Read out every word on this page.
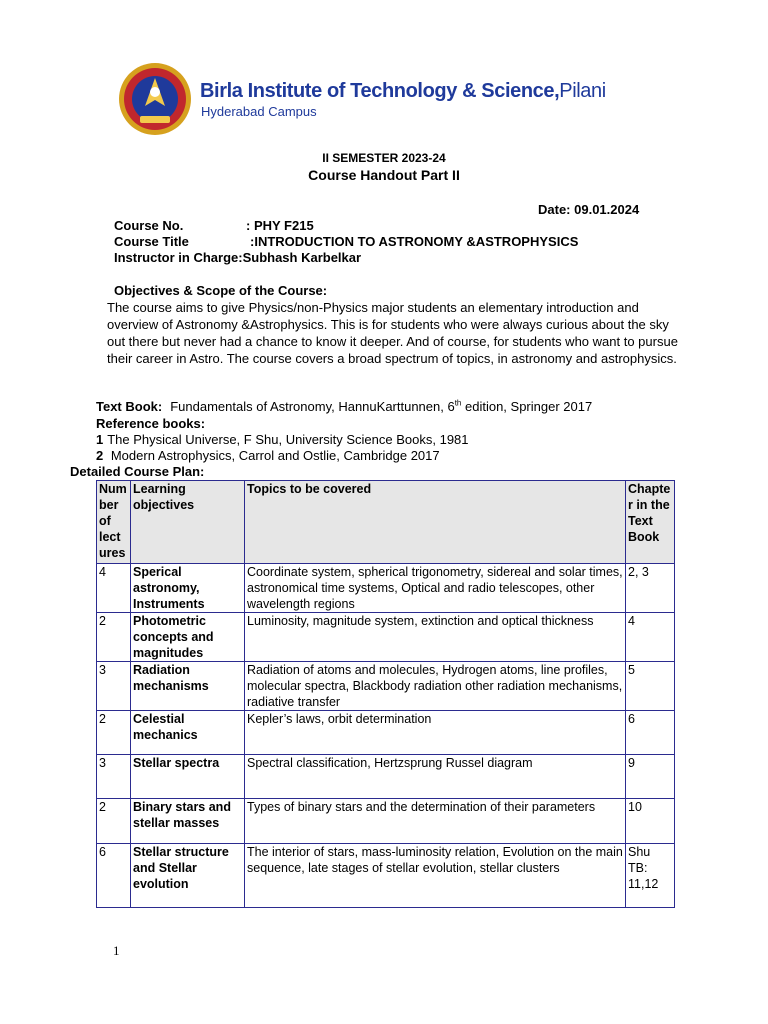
Birla Institute of Technology & Science,Pilani
Hyderabad Campus
II SEMESTER 2023-24
Course Handout Part II
Date: 09.01.2024
Course No.	: PHY F215
Course Title	:INTRODUCTION TO ASTRONOMY &ASTROPHYSICS
Instructor in Charge:Subhash Karbelkar
Objectives & Scope of the Course:
The course aims to give Physics/non-Physics major students an elementary introduction and overview of Astronomy &Astrophysics. This is for students who were always curious about the sky out there but never had a chance to know it deeper. And of course, for students who want to pursue their career in Astro. The course covers a broad spectrum of topics, in astronomy and astrophysics.
Text Book: Fundamentals of Astronomy, HannuKarttunnen, 6th edition, Springer 2017
Reference books:
1 The Physical Universe, F Shu, University Science Books, 1981
2 Modern Astrophysics, Carrol and Ostlie, Cambridge 2017
Detailed Course Plan:
Number of lectures	Learning objectives	Topics to be covered	Chapter in the Text Book
4	Sperical astronomy, Instruments	Coordinate system, spherical trigonometry, sidereal and solar times, astronomical time systems, Optical and radio telescopes, other wavelength regions	2, 3
2	Photometric concepts and magnitudes	Luminosity, magnitude system, extinction and optical thickness	4
3	Radiation mechanisms	Radiation of atoms and molecules, Hydrogen atoms, line profiles, molecular spectra, Blackbody radiation other radiation mechanisms, radiative transfer	5
2	Celestial mechanics	Kepler’s laws, orbit determination	6
3	Stellar spectra	Spectral classification, Hertzsprung Russel diagram	9
2	Binary stars and stellar masses	Types of binary stars and the determination of their parameters	10
6	Stellar structure and Stellar evolution	The interior of stars, mass-luminosity relation, Evolution on the main sequence, late stages of stellar evolution, stellar clusters	Shu TB: 11,12
1
